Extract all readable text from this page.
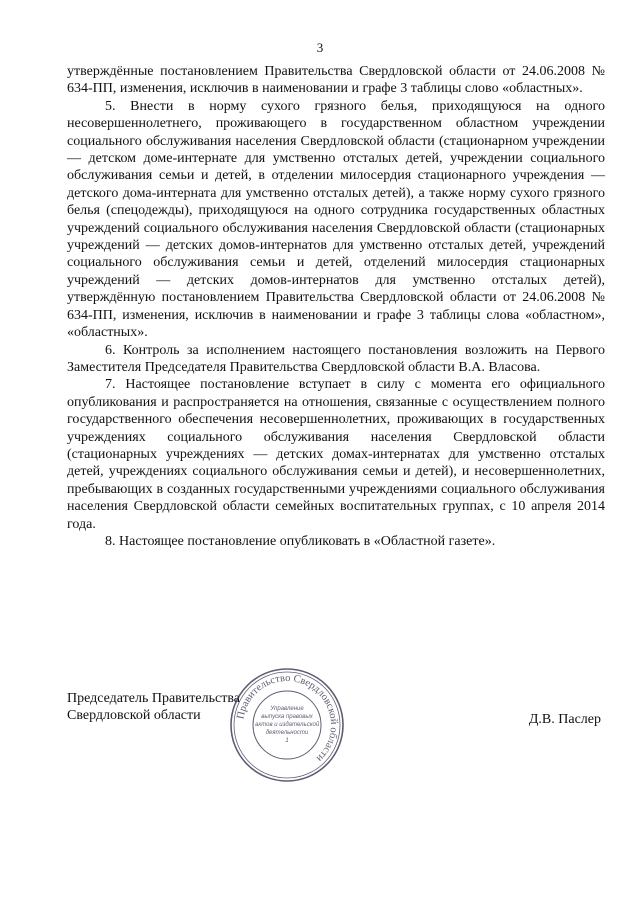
3

утверждённые постановлением Правительства Свердловской области от 24.06.2008 № 634-ПП, изменения, исключив в наименовании и графе 3 таблицы слово «областных».

5. Внести в норму сухого грязного белья, приходящуюся на одного несовершеннолетнего, проживающего в государственном областном учреждении социального обслуживания населения Свердловской области (стационарном учреждении — детском доме-интернате для умственно отсталых детей, учреждении социального обслуживания семьи и детей, в отделении милосердия стационарного учреждения — детского дома-интерната для умственно отсталых детей), а также норму сухого грязного белья (спецодежды), приходящуюся на одного сотрудника государственных областных учреждений социального обслуживания населения Свердловской области (стационарных учреждений — детских домов-интернатов для умственно отсталых детей, учреждений социального обслуживания семьи и детей, отделений милосердия стационарных учреждений — детских домов-интернатов для умственно отсталых детей), утверждённую постановлением Правительства Свердловской области от 24.06.2008 № 634-ПП, изменения, исключив в наименовании и графе 3 таблицы слова «областном», «областных».

6. Контроль за исполнением настоящего постановления возложить на Первого Заместителя Председателя Правительства Свердловской области В.А. Власова.

7. Настоящее постановление вступает в силу с момента его официального опубликования и распространяется на отношения, связанные с осуществлением полного государственного обеспечения несовершеннолетних, проживающих в государственных учреждениях социального обслуживания населения Свердловской области (стационарных учреждениях — детских домах-интернатах для умственно отсталых детей, учреждениях социального обслуживания семьи и детей), и несовершеннолетних, пребывающих в созданных государственными учреждениями социального обслуживания населения Свердловской области семейных воспитательных группах, с 10 апреля 2014 года.

8. Настоящее постановление опубликовать в «Областной газете».

Председатель Правительства
Свердловской области	Правительство Свердловской области
Управление
выпуска правовых
актов и издательской
деятельности
1
Д.В. Паслер
